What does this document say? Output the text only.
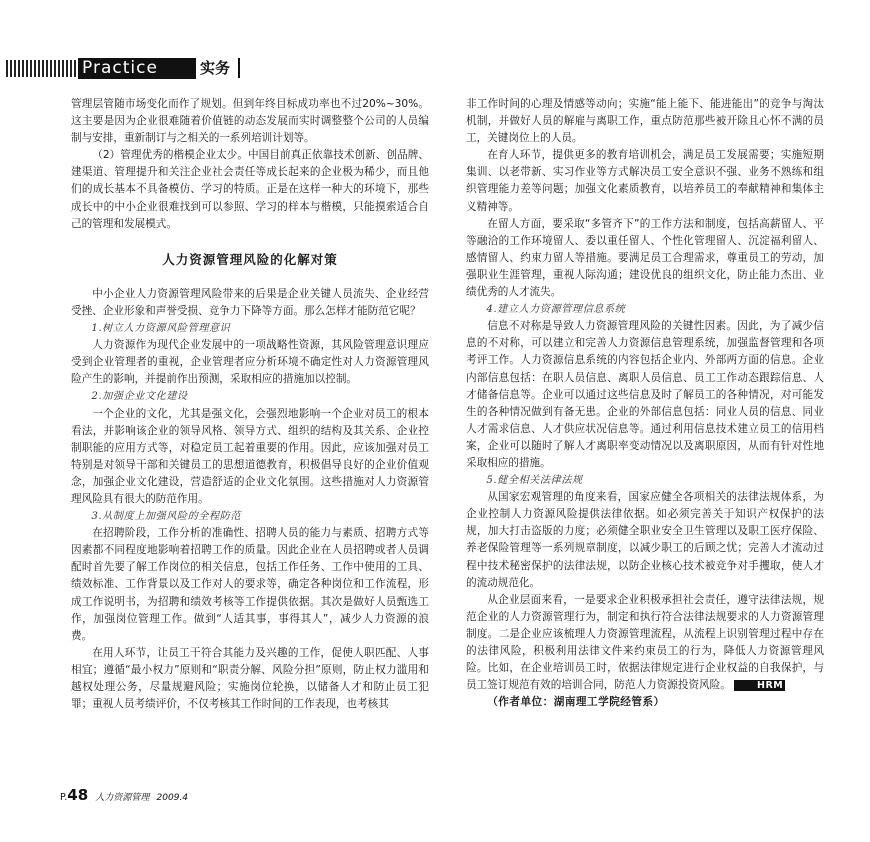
Practice	实务

管理层管随市场变化而作了规划。但到年终目标成功率也不过20%~30%。这主要是因为企业很难随着价值链的动态发展而实时调整整个公司的人员编制与安排，重新制订与之相关的一系列培训计划等。

（2）管理优秀的楷模企业太少。中国目前真正依靠技术创新、创品牌、建渠道、管理提升和关注企业社会责任等成长起来的企业极为稀少，而且他们的成长基本不具备模仿、学习的特质。正是在这样一种大的环境下，那些成长中的中小企业很难找到可以参照、学习的样本与楷模，只能摸索适合自己的管理和发展模式。

人力资源管理风险的化解对策

中小企业人力资源管理风险带来的后果是企业关键人员流失、企业经营受挫、企业形象和声誉受损、竞争力下降等方面。那么怎样才能防范它呢？

1.树立人力资源风险管理意识

人力资源作为现代企业发展中的一项战略性资源，其风险管理意识理应受到企业管理者的重视，企业管理者应分析环境不确定性对人力资源管理风险产生的影响，并提前作出预测，采取相应的措施加以控制。

2.加强企业文化建设

一个企业的文化，尤其是强文化，会强烈地影响一个企业对员工的根本看法，并影响该企业的领导风格、领导方式、组织的结构及其关系、企业控制职能的应用方式等，对稳定员工起着重要的作用。因此，应该加强对员工特别是对领导干部和关键员工的思想道德教育，积极倡导良好的企业价值观念，加强企业文化建设，营造舒适的企业文化氛围。这些措施对人力资源管理风险具有很大的防范作用。

3.从制度上加强风险的全程防范

在招聘阶段，工作分析的准确性、招聘人员的能力与素质、招聘方式等因素都不同程度地影响着招聘工作的质量。因此企业在人员招聘或者人员调配时首先要了解工作岗位的相关信息，包括工作任务、工作中使用的工具、绩效标准、工作背景以及工作对人的要求等，确定各种岗位和工作流程，形成工作说明书，为招聘和绩效考核等工作提供依据。其次是做好人员甄选工作，加强岗位管理工作。做到“人适其事，事得其人”，减少人力资源的浪费。

在用人环节，让员工干符合其能力及兴趣的工作，促使人职匹配、人事相宜；遵循“最小权力”原则和“职责分解、风险分担”原则，防止权力滥用和越权处理公务，尽量规避风险；实施岗位轮换，以储备人才和防止员工犯罪；重视人员考绩评价，不仅考核其工作时间的工作表现，也考核其

非工作时间的心理及情感等动向；实施“能上能下、能进能出”的竞争与淘汰机制，并做好人员的解雇与离职工作，重点防范那些被开除且心怀不满的员工，关键岗位上的人员。

在育人环节，提供更多的教育培训机会，满足员工发展需要；实施短期集训、以老带新、实习作业等方式解决员工安全意识不强、业务不熟练和组织管理能力差等问题；加强文化素质教育，以培养员工的奉献精神和集体主义精神等。

在留人方面，要采取“多管齐下”的工作方法和制度，包括高薪留人、平等融洽的工作环境留人、委以重任留人、个性化管理留人、沉淀福利留人、感情留人、约束力留人等措施。要满足员工合理需求，尊重员工的劳动，加强职业生涯管理，重视人际沟通；建设优良的组织文化，防止能力杰出、业绩优秀的人才流失。

4.建立人力资源管理信息系统

信息不对称是导致人力资源管理风险的关键性因素。因此，为了减少信息的不对称，可以建立和完善人力资源信息管理系统，加强监督管理和各项考评工作。人力资源信息系统的内容包括企业内、外部两方面的信息。企业内部信息包括：在职人员信息、离职人员信息、员工工作动态跟踪信息、人才储备信息等。企业可以通过这些信息及时了解员工的各种情况，对可能发生的各种情况做到有备无患。企业的外部信息包括：同业人员的信息、同业人才需求信息、人才供应状况信息等。通过利用信息技术建立员工的信用档案，企业可以随时了解人才离职率变动情况以及离职原因，从而有针对性地采取相应的措施。

5.健全相关法律法规

从国家宏观管理的角度来看，国家应健全各项相关的法律法规体系，为企业控制人力资源风险提供法律依据。如必须完善关于知识产权保护的法规，加大打击盗版的力度；必须健全职业安全卫生管理以及职工医疗保险、养老保险管理等一系列规章制度，以减少职工的后顾之忧；完善人才流动过程中技术秘密保护的法律法规，以防企业核心技术被竞争对手攫取，使人才的流动规范化。

从企业层面来看，一是要求企业积极承担社会责任，遵守法律法规，规范企业的人力资源管理行为，制定和执行符合法律法规要求的人力资源管理制度。二是企业应该梳理人力资源管理流程，从流程上识别管理过程中存在的法律风险，积极利用法律文件来约束员工的行为，降低人力资源管理风险。比如，在企业培训员工时，依据法律规定进行企业权益的自我保护，与员工签订规范有效的培训合同，防范人力资源投资风险。	HRM

（作者单位：湖南理工学院经管系）

P.48 人力资源管理 2009.4
